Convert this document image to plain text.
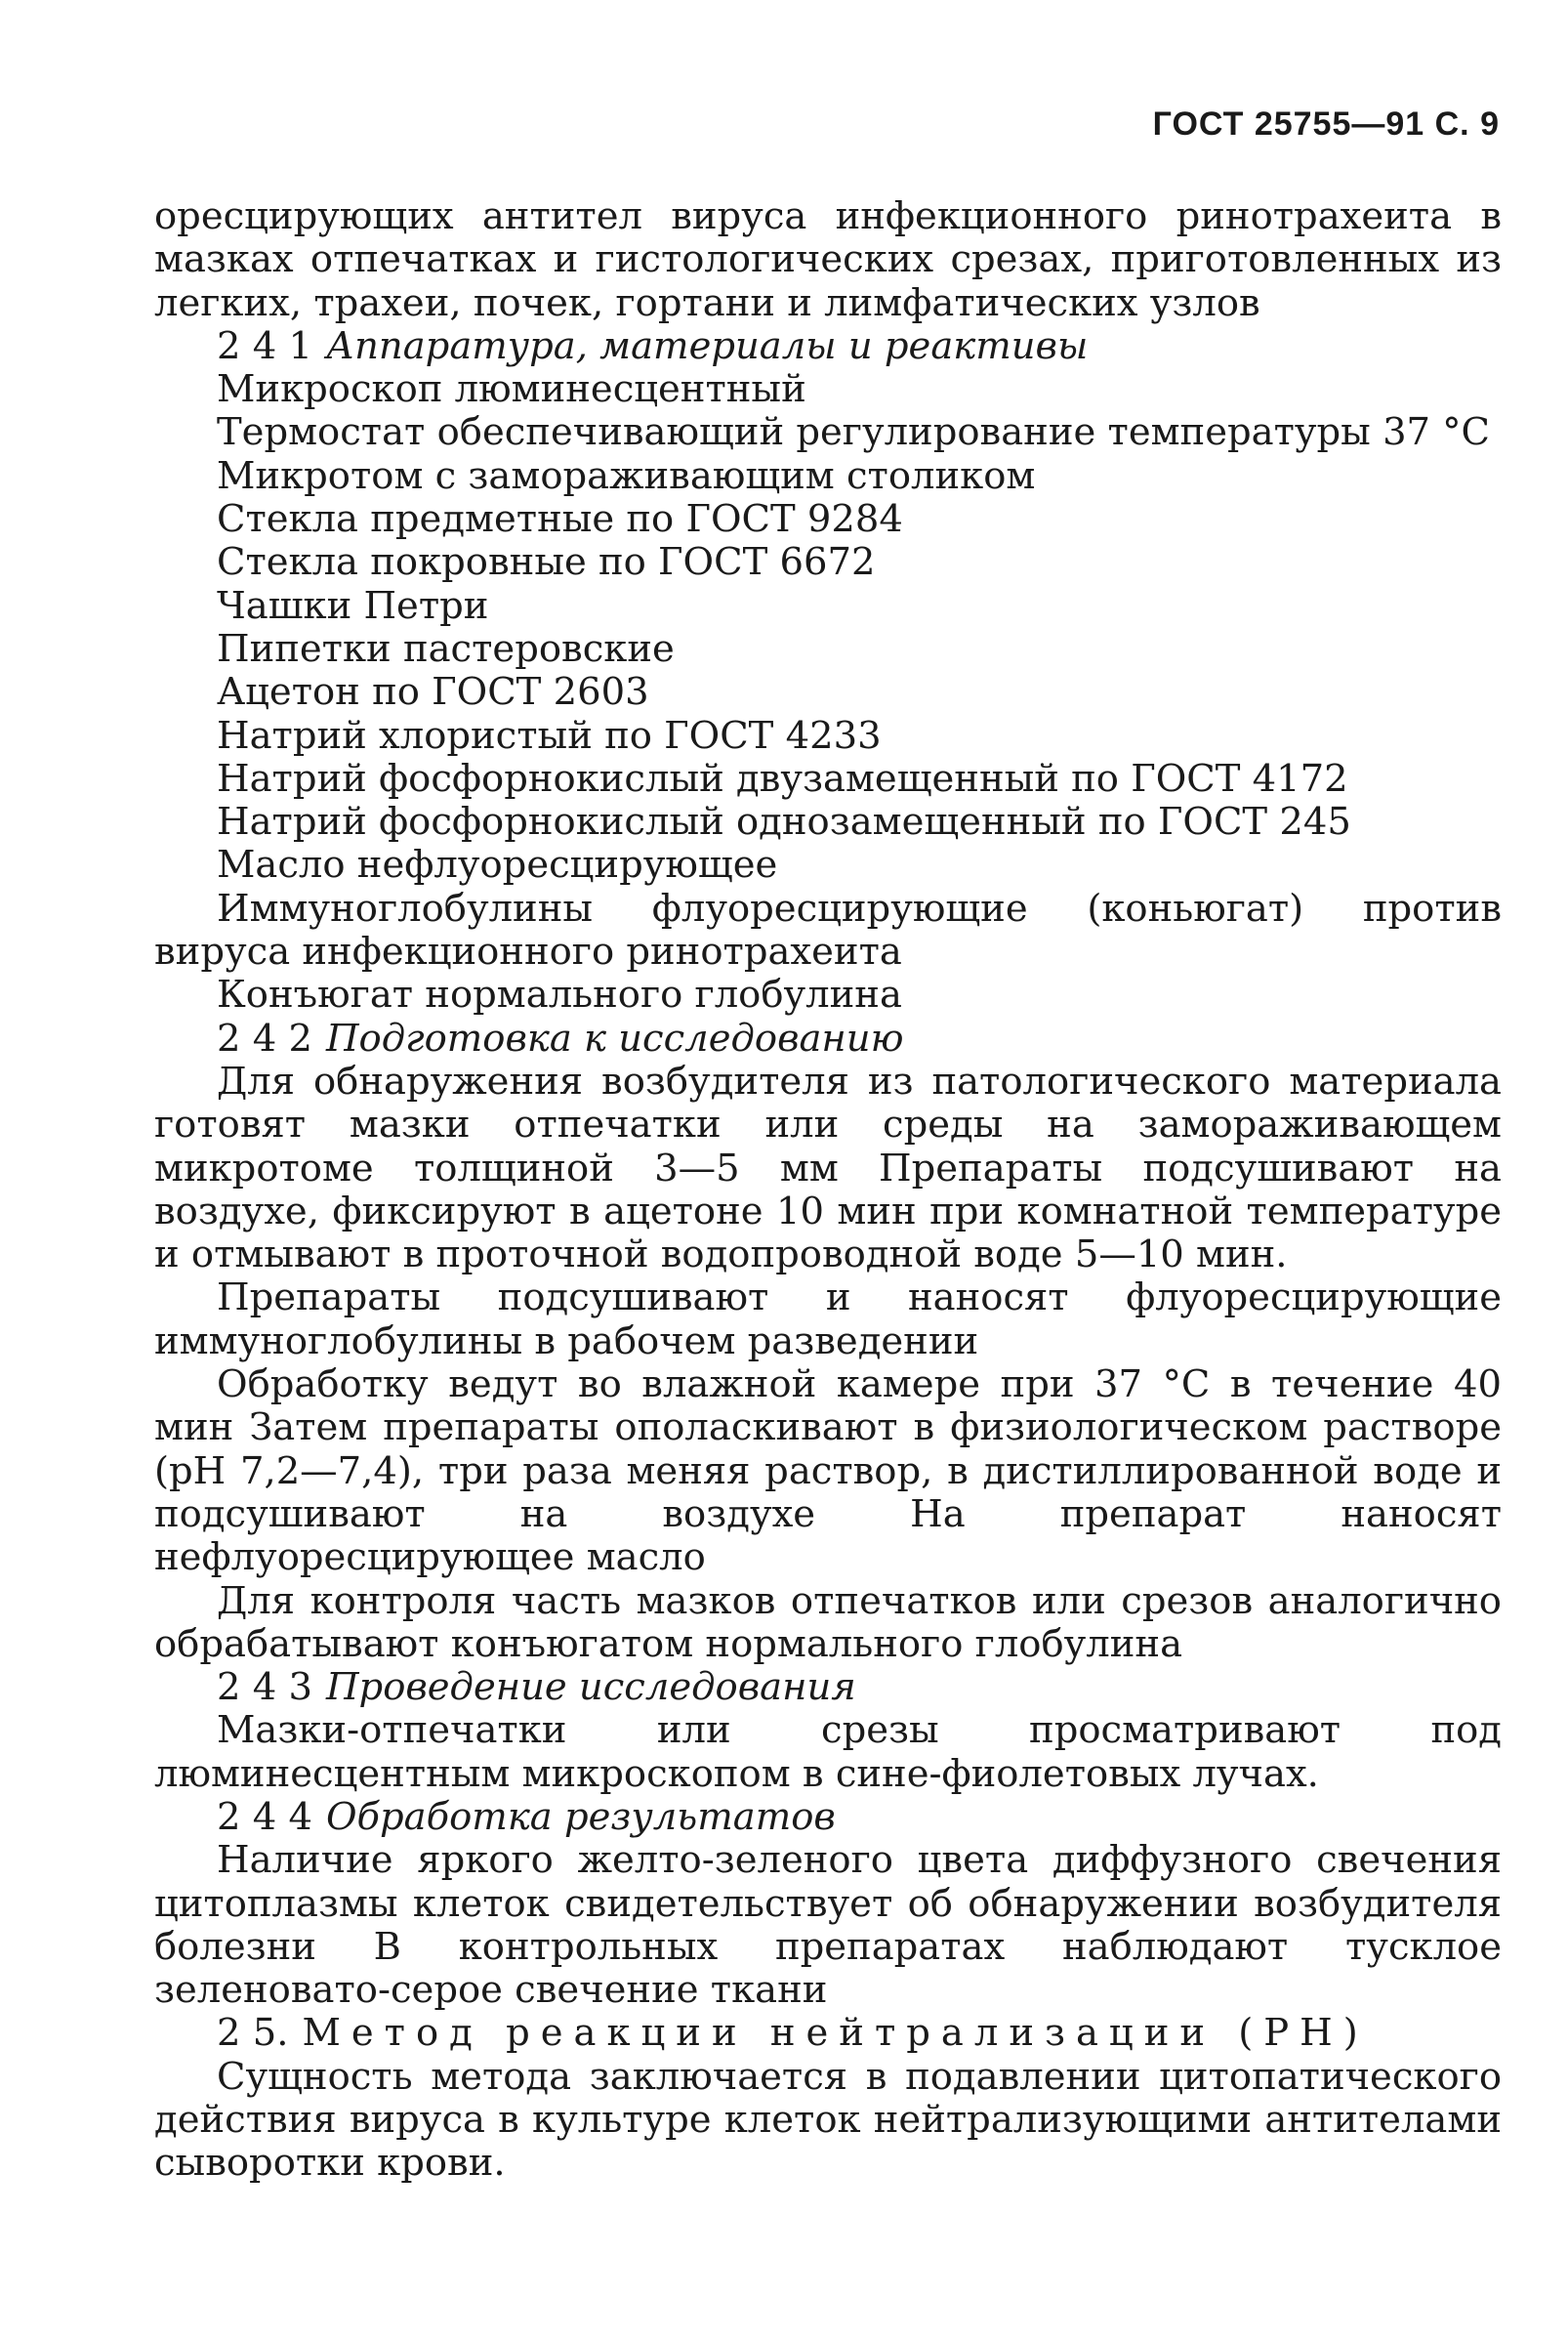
ГОСТ 25755—91 С. 9

оресцирующих антител вируса инфекционного ринотрахеита в мазках отпечатках и гистологических срезах, приготовленных из легких, трахеи, почек, гортани и лимфатических узлов

2 4 1 Аппаратура, материалы и реактивы

Микроскоп люминесцентный

Термостат обеспечивающий регулирование температуры 37 °С

Микротом с замораживающим столиком

Стекла предметные по ГОСТ 9284

Стекла покровные по ГОСТ 6672

Чашки Петри

Пипетки пастеровские

Ацетон по ГОСТ 2603

Натрий хлористый по ГОСТ 4233

Натрий фосфорнокислый двузамещенный по ГОСТ 4172

Натрий фосфорнокислый однозамещенный по ГОСТ 245

Масло нефлуоресцирующее

Иммуноглобулины флуоресцирующие (коньюгат) против вируса инфекционного ринотрахеита

Конъюгат нормального глобулина

2 4 2 Подготовка к исследованию

Для обнаружения возбудителя из патологического материала готовят мазки отпечатки или среды на замораживающем микротоме толщиной 3—5 мм Препараты подсушивают на воздухе, фиксируют в ацетоне 10 мин при комнатной температуре и отмывают в проточной водопроводной воде 5—10 мин.

Препараты подсушивают и наносят флуоресцирующие иммуноглобулины в рабочем разведении

Обработку ведут во влажной камере при 37 °С в течение 40 мин Затем препараты ополаскивают в физиологическом растворе (pH 7,2—7,4), три раза меняя раствор, в дистиллированной воде и подсушивают на воздухе На препарат наносят нефлуоресцирующее масло

Для контроля часть мазков отпечатков или срезов аналогично обрабатывают конъюгатом нормального глобулина

2 4 3 Проведение исследования

Мазки-отпечатки или срезы просматривают под люминесцентным микроскопом в сине-фиолетовых лучах.

2 4 4 Обработка результатов

Наличие яркого желто-зеленого цвета диффузного свечения цитоплазмы клеток свидетельствует об обнаружении возбудителя болезни В контрольных препаратах наблюдают тусклое зеленовато-серое свечение ткани

2 5. Метод реакции нейтрализации (РН)

Сущность метода заключается в подавлении цитопатического действия вируса в культуре клеток нейтрализующими антителами сыворотки крови.
